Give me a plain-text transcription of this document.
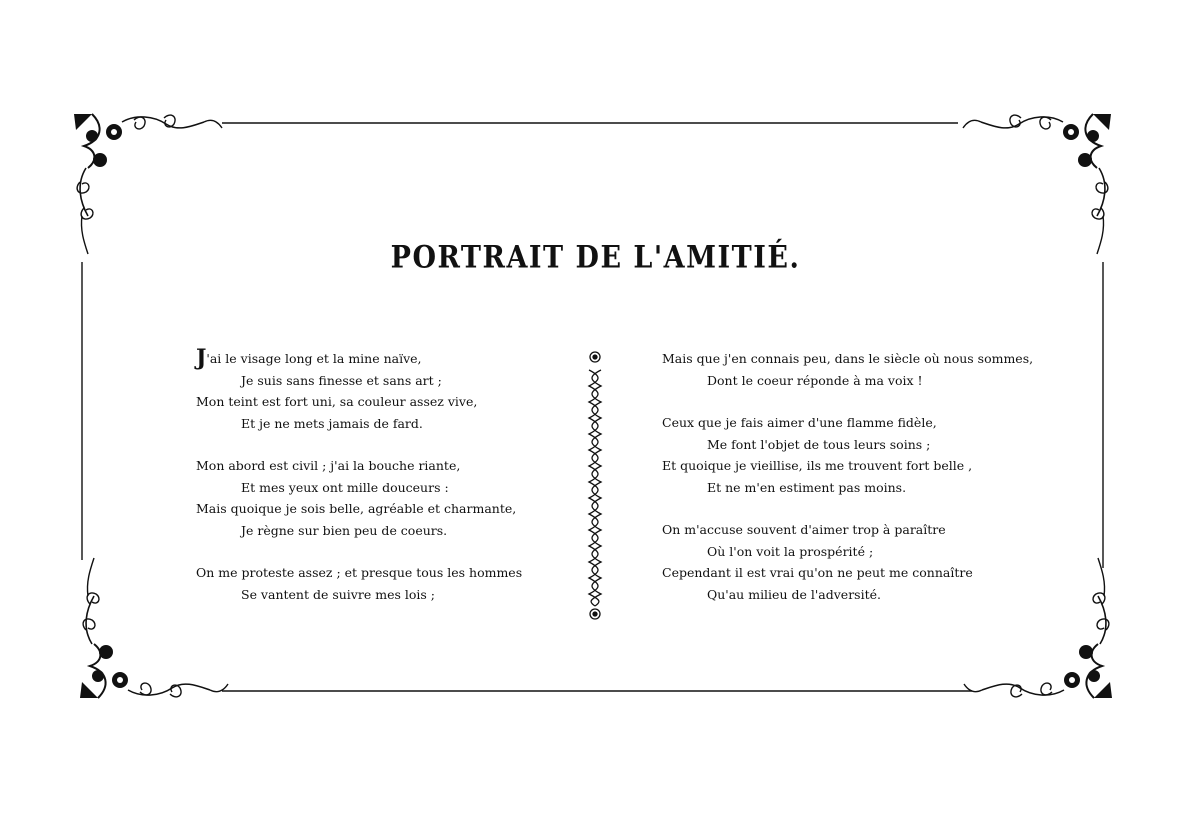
PORTRAIT DE L'AMITIÉ.
J'ai le visage long et la mine naïve,
Je suis sans finesse et sans art ;
Mon teint est fort uni, sa couleur assez vive,
Et je ne mets jamais de fard.
Mon abord est civil ; j'ai la bouche riante,
Et mes yeux ont mille douceurs :
Mais quoique je sois belle, agréable et charmante,
Je règne sur bien peu de coeurs.
On me proteste assez ; et presque tous les hommes
Se vantent de suivre mes lois ;
Mais que j'en connais peu, dans le siècle où nous sommes,
Dont le coeur réponde à ma voix !
Ceux que je fais aimer d'une flamme fidèle,
Me font l'objet de tous leurs soins ;
Et quoique je vieillise, ils me trouvent fort belle ,
Et ne m'en estiment pas moins.
On m'accuse souvent d'aimer trop à paraître
Où l'on voit la prospérité ;
Cependant il est vrai qu'on ne peut me connaître
Qu'au milieu de l'adversité.
